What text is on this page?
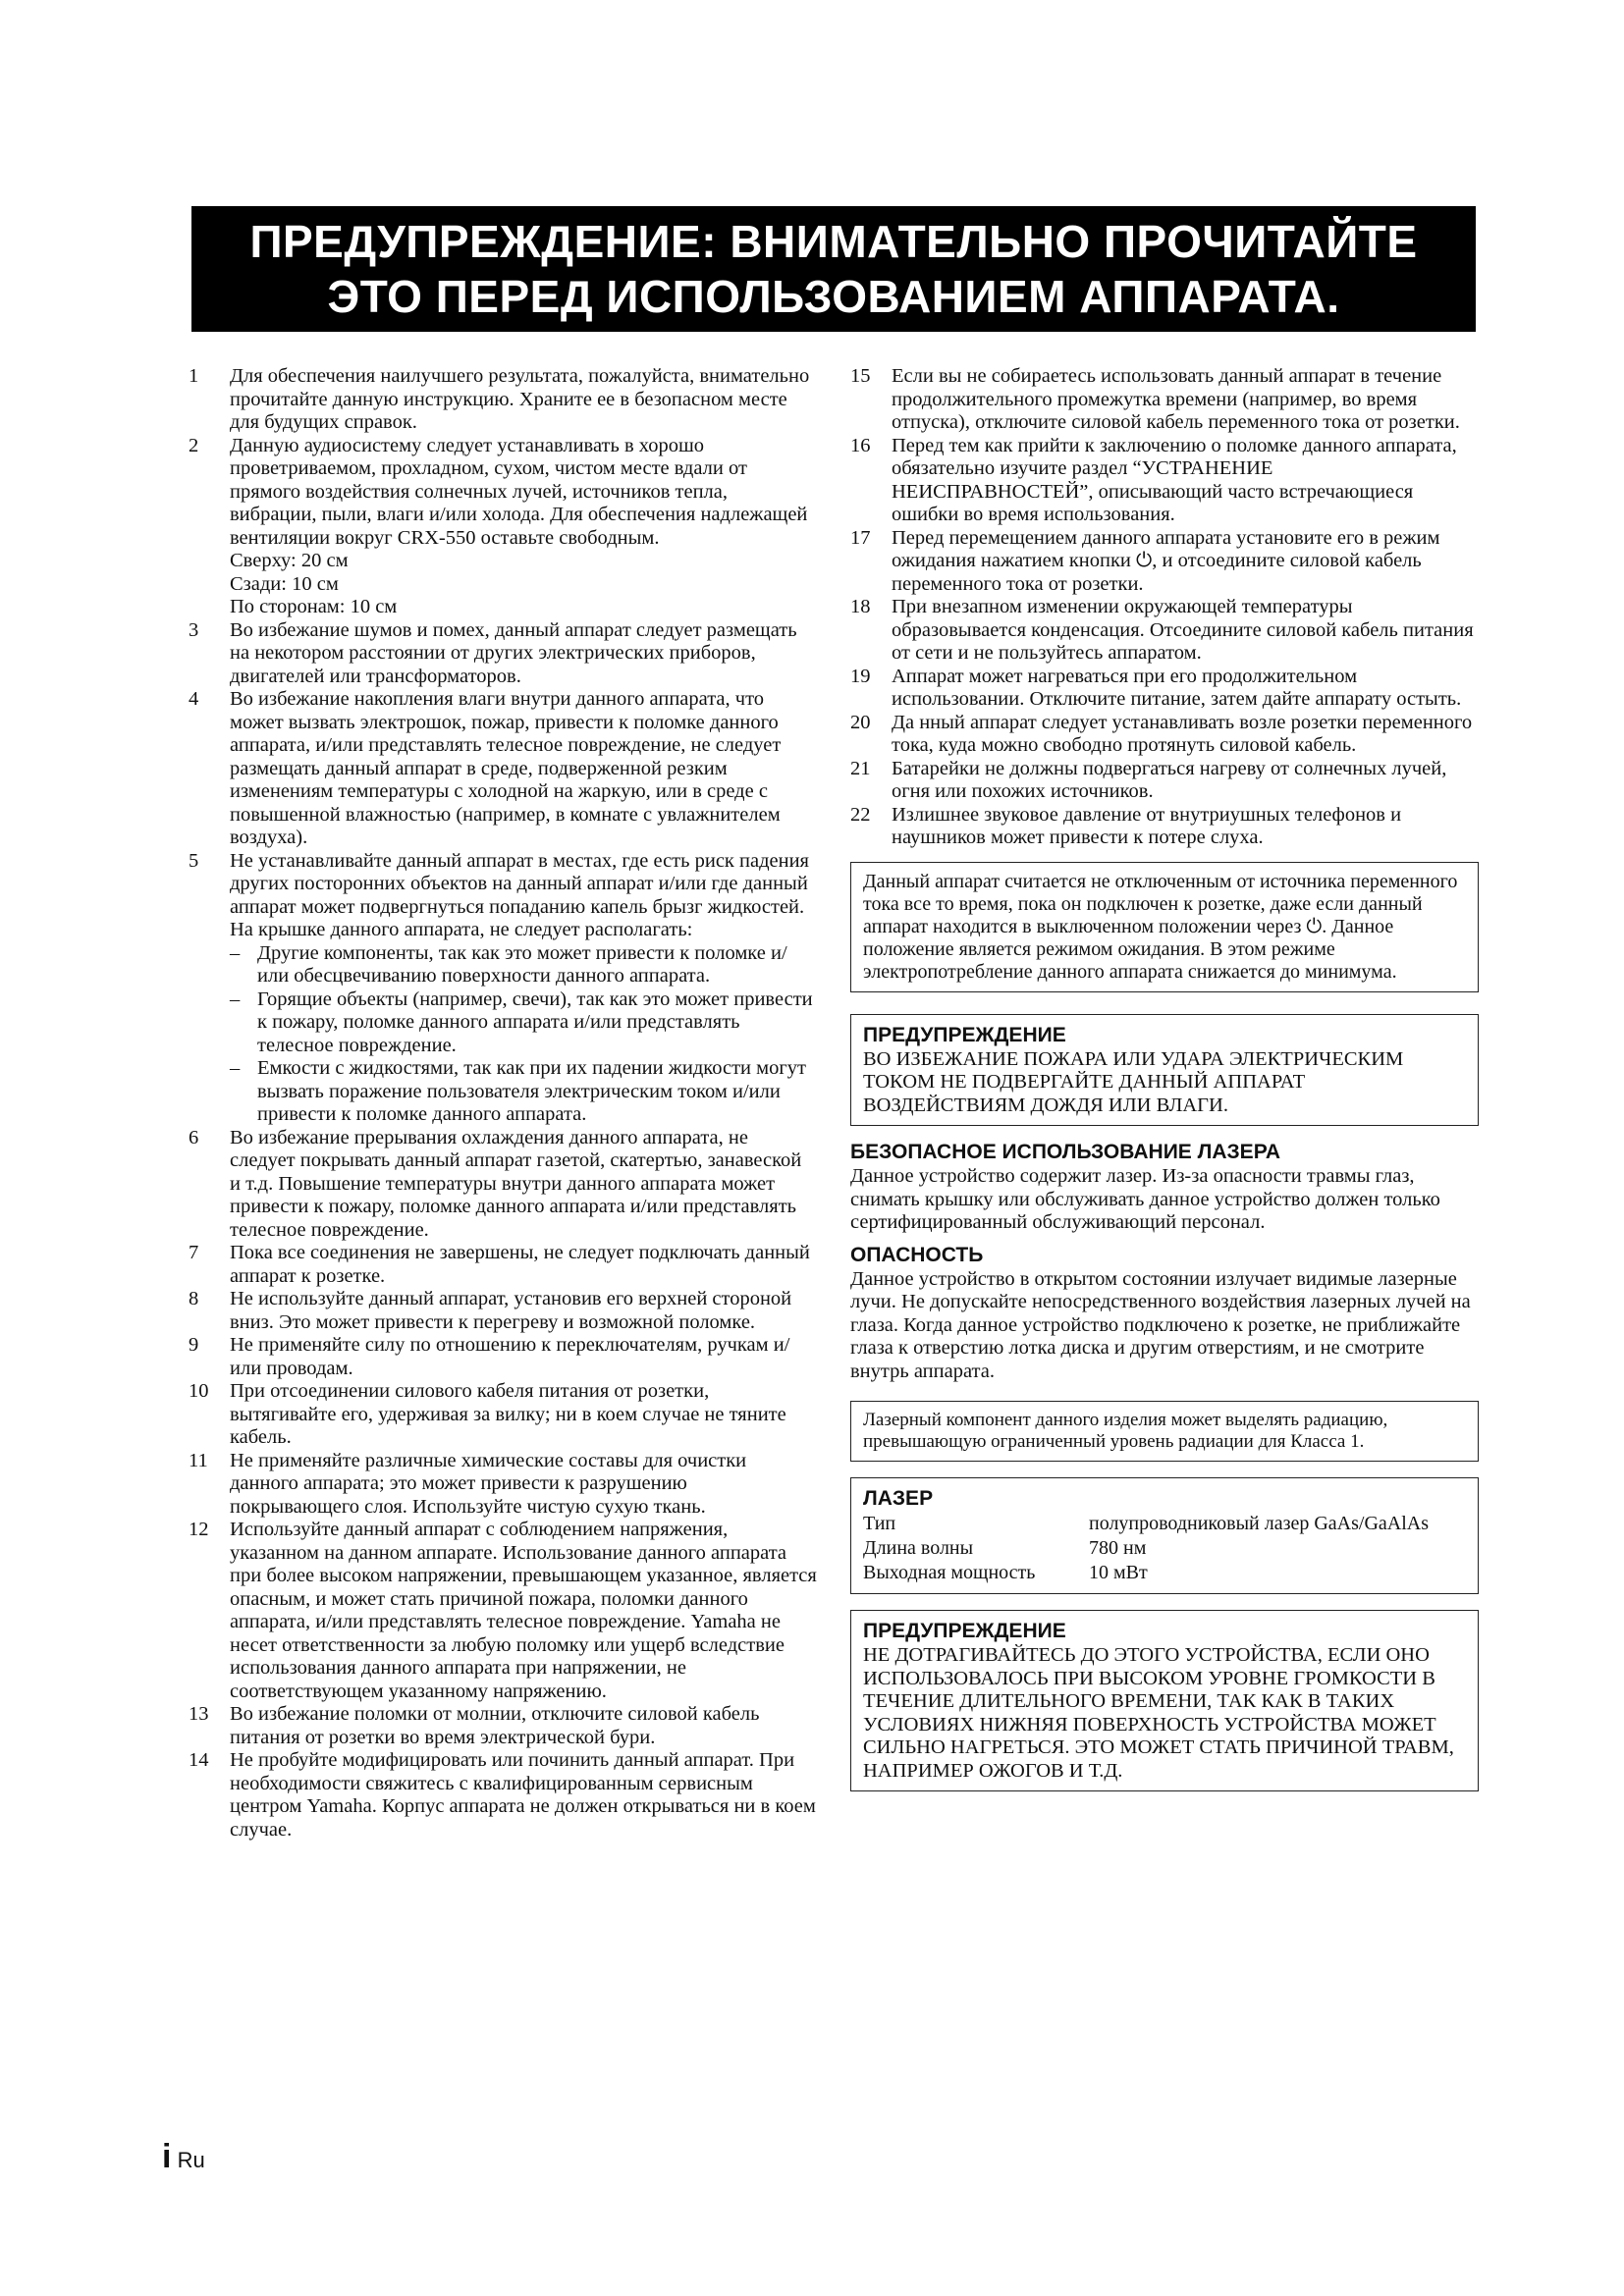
ПРЕДУПРЕЖДЕНИЕ: ВНИМАТЕЛЬНО ПРОЧИТАЙТЕ
ЭТО ПЕРЕД ИСПОЛЬЗОВАНИЕМ АППАРАТА.
1	Для обеспечения наилучшего результата, пожалуйста, внимательно прочитайте данную инструкцию. Храните ее в безопасном месте для будущих справок.
2	Данную аудиосистему следует устанавливать в хорошо проветриваемом, прохладном, сухом, чистом месте вдали от прямого воздействия солнечных лучей, источников тепла, вибрации, пыли, влаги и/или холода. Для обеспечения надлежащей вентиляции вокруг CRX-550 оставьте свободным.
Сверху: 20 см
Сзади: 10 см
По сторонам: 10 см
3	Во избежание шумов и помех, данный аппарат следует размещать на некотором расстоянии от других электрических приборов, двигателей или трансформаторов.
4	Во избежание накопления влаги внутри данного аппарата, что может вызвать электрошок, пожар, привести к поломке данного аппарата, и/или представлять телесное повреждение, не следует размещать данный аппарат в среде, подверженной резким изменениям температуры с холодной на жаркую, или в среде с повышенной влажностью (например, в комнате с увлажнителем воздуха).
5	Не устанавливайте данный аппарат в местах, где есть риск падения других посторонних объектов на данный аппарат и/или где данный аппарат может подвергнуться попаданию капель брызг жидкостей. На крышке данного аппарата, не следует располагать:
– Другие компоненты, так как это может привести к поломке и/или обесцвечиванию поверхности данного аппарата.
– Горящие объекты (например, свечи), так как это может привести к пожару, поломке данного аппарата и/или представлять телесное повреждение.
– Емкости с жидкостями, так как при их падении жидкости могут вызвать поражение пользователя электрическим током и/или привести к поломке данного аппарата.
6	Во избежание прерывания охлаждения данного аппарата, не следует покрывать данный аппарат газетой, скатертью, занавеской и т.д. Повышение температуры внутри данного аппарата может привести к пожару, поломке данного аппарата и/или представлять телесное повреждение.
7	Пока все соединения не завершены, не следует подключать данный аппарат к розетке.
8	Не используйте данный аппарат, установив его верхней стороной вниз. Это может привести к перегреву и возможной поломке.
9	Не применяйте силу по отношению к переключателям, ручкам и/или проводам.
10	При отсоединении силового кабеля питания от розетки, вытягивайте его, удерживая за вилку; ни в коем случае не тяните кабель.
11	Не применяйте различные химические составы для очистки данного аппарата; это может привести к разрушению покрывающего слоя. Используйте чистую сухую ткань.
12	Используйте данный аппарат с соблюдением напряжения, указанном на данном аппарате. Использование данного аппарата при более высоком напряжении, превышающем указанное, является опасным, и может стать причиной пожара, поломки данного аппарата, и/или представлять телесное повреждение. Yamaha не несет ответственности за любую поломку или ущерб вследствие использования данного аппарата при напряжении, не соответствующем указанному напряжению.
13	Во избежание поломки от молнии, отключите силовой кабель питания от розетки во время электрической бури.
14	Не пробуйте модифицировать или починить данный аппарат. При необходимости свяжитесь с квалифицированным сервисным центром Yamaha. Корпус аппарата не должен открываться ни в коем случае.
15	Если вы не собираетесь использовать данный аппарат в течение продолжительного промежутка времени (например, во время отпуска), отключите силовой кабель переменного тока от розетки.
16	Перед тем как прийти к заключению о поломке данного аппарата, обязательно изучите раздел “УСТРАНЕНИЕ НЕИСПРАВНОСТЕЙ”, описывающий часто встречающиеся ошибки во время использования.
17	Перед перемещением данного аппарата установите его в режим ожидания нажатием кнопки ⏻, и отсоедините силовой кабель переменного тока от розетки.
18	При внезапном изменении окружающей температуры образовывается конденсация. Отсоедините силовой кабель питания от сети и не пользуйтесь аппаратом.
19	Аппарат может нагреваться при его продолжительном использовании. Отключите питание, затем дайте аппарату остыть.
20	Да нный аппарат следует устанавливать возле розетки переменного тока, куда можно свободно протянуть силовой кабель.
21	Батарейки не должны подвергаться нагреву от солнечных лучей, огня или похожих источников.
22	Излишнее звуковое давление от внутриушных телефонов и наушников может привести к потере слуха.
Данный аппарат считается не отключенным от источника переменного тока все то время, пока он подключен к розетке, даже если данный аппарат находится в выключенном положении через ⏻. Данное положение является режимом ожидания. В этом режиме электропотребление данного аппарата снижается до минимума.
ПРЕДУПРЕЖДЕНИЕ
ВО ИЗБЕЖАНИЕ ПОЖАРА ИЛИ УДАРА ЭЛЕКТРИЧЕСКИМ ТОКОМ НЕ ПОДВЕРГАЙТЕ ДАННЫЙ АППАРАТ ВОЗДЕЙСТВИЯМ ДОЖДЯ ИЛИ ВЛАГИ.
БЕЗОПАСНОЕ ИСПОЛЬЗОВАНИЕ ЛАЗЕРА
Данное устройство содержит лазер. Из-за опасности травмы глаз, снимать крышку или обслуживать данное устройство должен только сертифицированный обслуживающий персонал.
ОПАСНОСТЬ
Данное устройство в открытом состоянии излучает видимые лазерные лучи. Не допускайте непосредственного воздействия лазерных лучей на глаза. Когда данное устройство подключено к розетке, не приближайте глаза к отверстию лотка диска и другим отверстиям, и не смотрите внутрь аппарата.
Лазерный компонент данного изделия может выделять радиацию, превышающую ограниченный уровень радиации для Класса 1.
ЛАЗЕР
Тип	полупроводниковый лазер GaAs/GaAlAs
Длина волны	780 нм
Выходная мощность	10 мВт
ПРЕДУПРЕЖДЕНИЕ
НЕ ДОТРАГИВАЙТЕСЬ ДО ЭТОГО УСТРОЙСТВА, ЕСЛИ ОНО ИСПОЛЬЗОВАЛОСЬ ПРИ ВЫСОКОМ УРОВНЕ ГРОМКОСТИ В ТЕЧЕНИЕ ДЛИТЕЛЬНОГО ВРЕМЕНИ, ТАК КАК В ТАКИХ УСЛОВИЯХ НИЖНЯЯ ПОВЕРХНОСТЬ УСТРОЙСТВА МОЖЕТ СИЛЬНО НАГРЕТЬСЯ. ЭТО МОЖЕТ СТАТЬ ПРИЧИНОЙ ТРАВМ, НАПРИМЕР ОЖОГОВ И Т.Д.
i Ru
